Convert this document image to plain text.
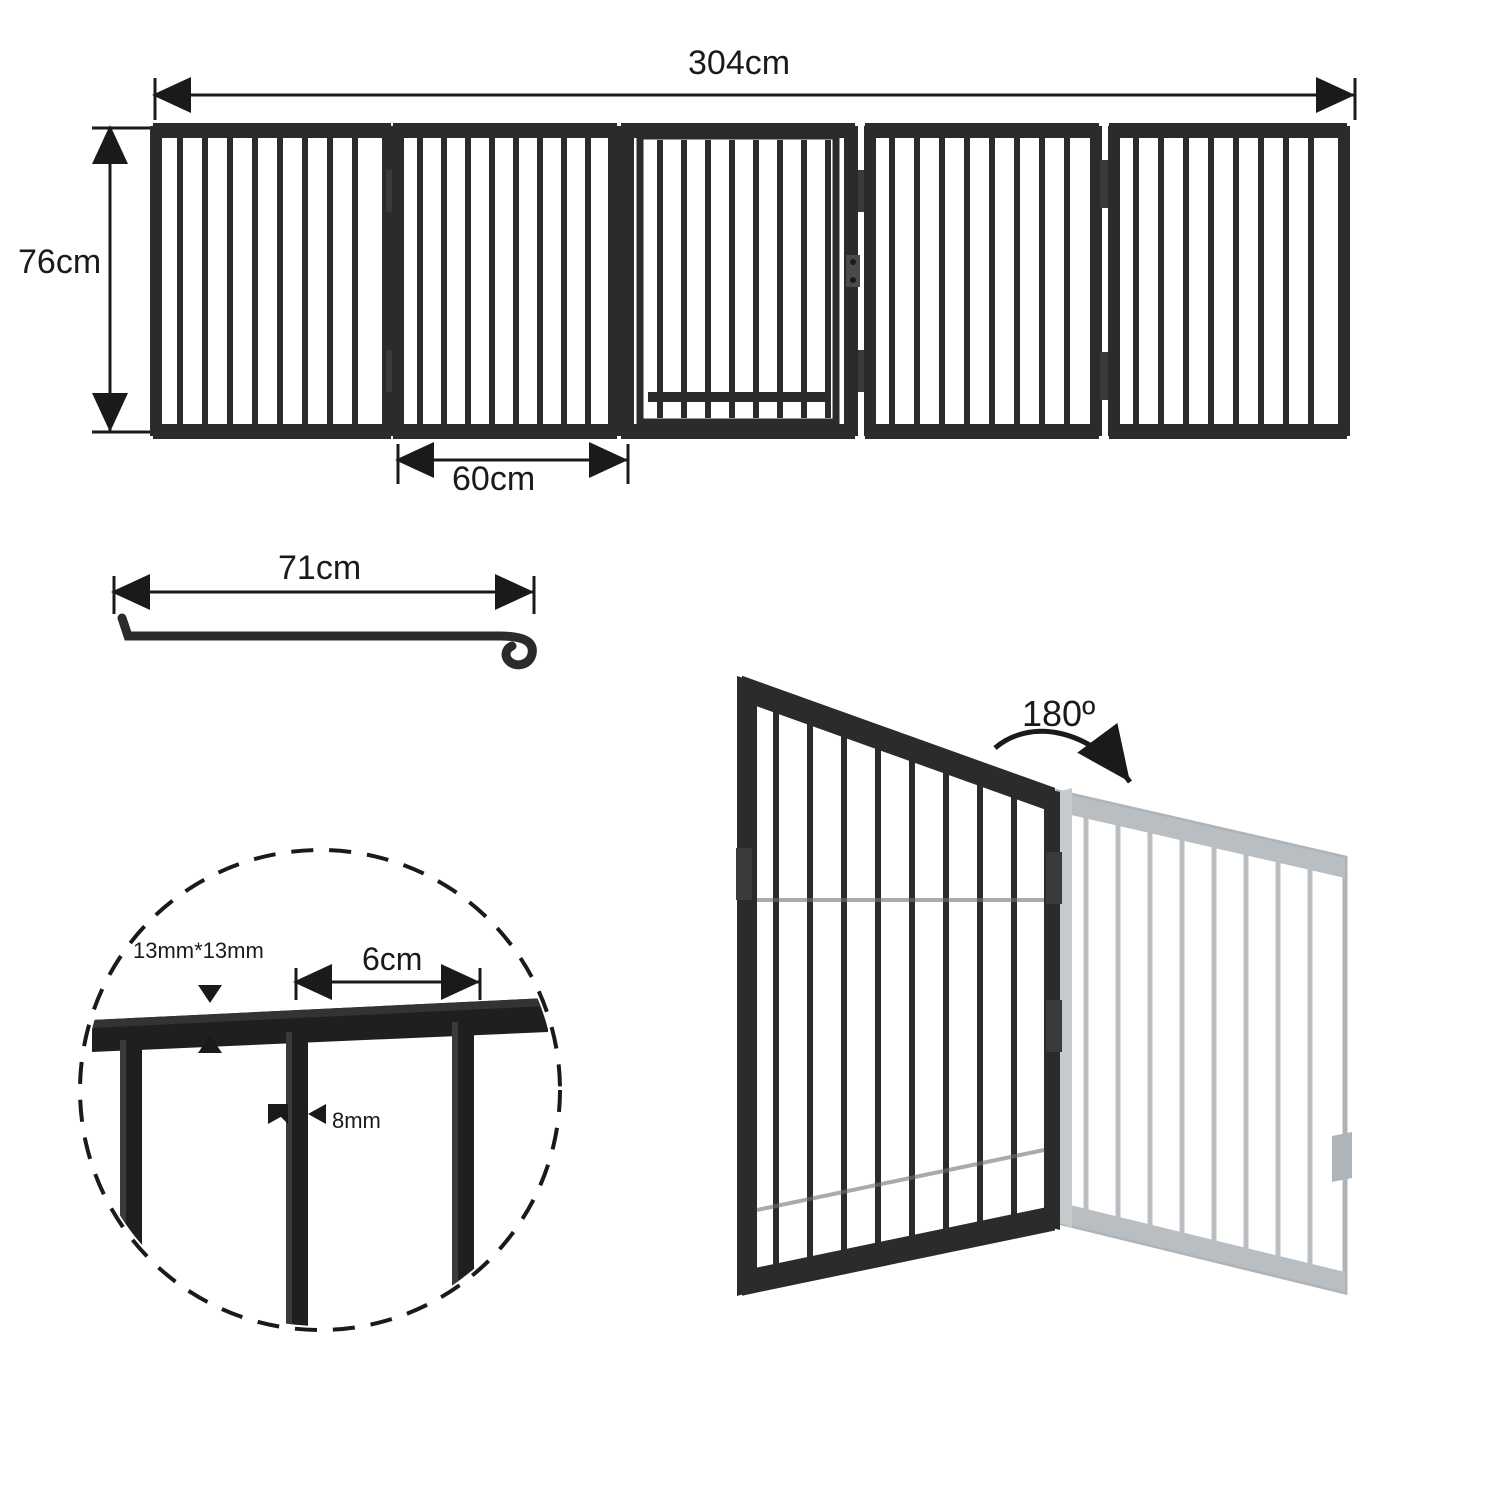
304cm
76cm
60cm
71cm
180º
6cm
13mm*13mm
8mm
